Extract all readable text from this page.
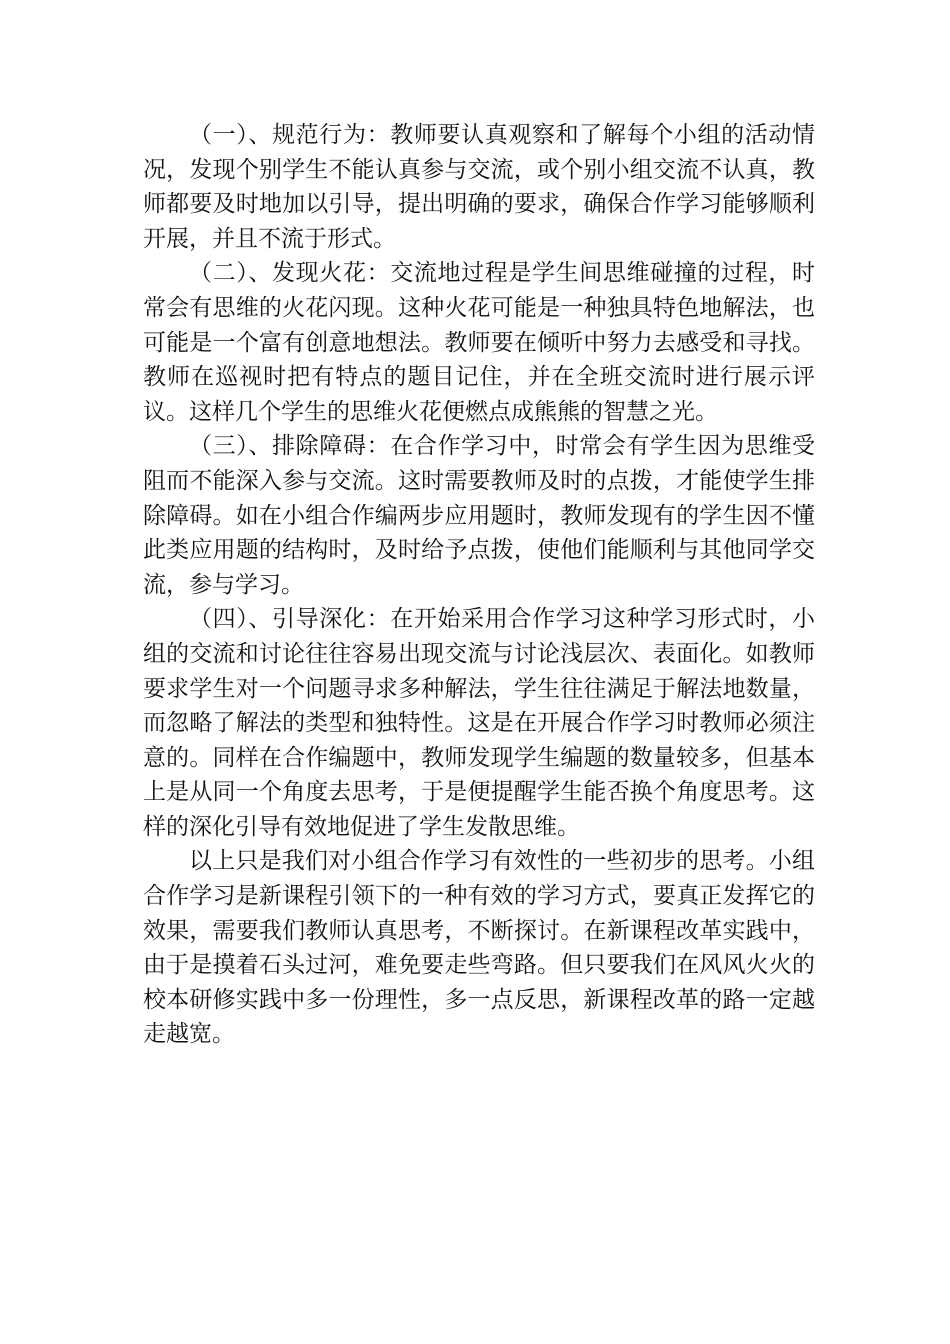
（一）、规范行为：教师要认真观察和了解每个小组的活动情况，发现个别学生不能认真参与交流，或个别小组交流不认真，教师都要及时地加以引导，提出明确的要求，确保合作学习能够顺利开展，并且不流于形式。

（二）、发现火花：交流地过程是学生间思维碰撞的过程，时常会有思维的火花闪现。这种火花可能是一种独具特色地解法，也可能是一个富有创意地想法。教师要在倾听中努力去感受和寻找。教师在巡视时把有特点的题目记住，并在全班交流时进行展示评议。这样几个学生的思维火花便燃点成熊熊的智慧之光。

（三）、排除障碍：在合作学习中，时常会有学生因为思维受阻而不能深入参与交流。这时需要教师及时的点拨，才能使学生排除障碍。如在小组合作编两步应用题时，教师发现有的学生因不懂此类应用题的结构时，及时给予点拨，使他们能顺利与其他同学交流，参与学习。

（四）、引导深化：在开始采用合作学习这种学习形式时，小组的交流和讨论往往容易出现交流与讨论浅层次、表面化。如教师要求学生对一个问题寻求多种解法，学生往往满足于解法地数量，而忽略了解法的类型和独特性。这是在开展合作学习时教师必须注意的。同样在合作编题中，教师发现学生编题的数量较多，但基本上是从同一个角度去思考，于是便提醒学生能否换个角度思考。这样的深化引导有效地促进了学生发散思维。

以上只是我们对小组合作学习有效性的一些初步的思考。小组合作学习是新课程引领下的一种有效的学习方式，要真正发挥它的效果，需要我们教师认真思考，不断探讨。在新课程改革实践中，由于是摸着石头过河，难免要走些弯路。但只要我们在风风火火的校本研修实践中多一份理性，多一点反思，新课程改革的路一定越走越宽。
